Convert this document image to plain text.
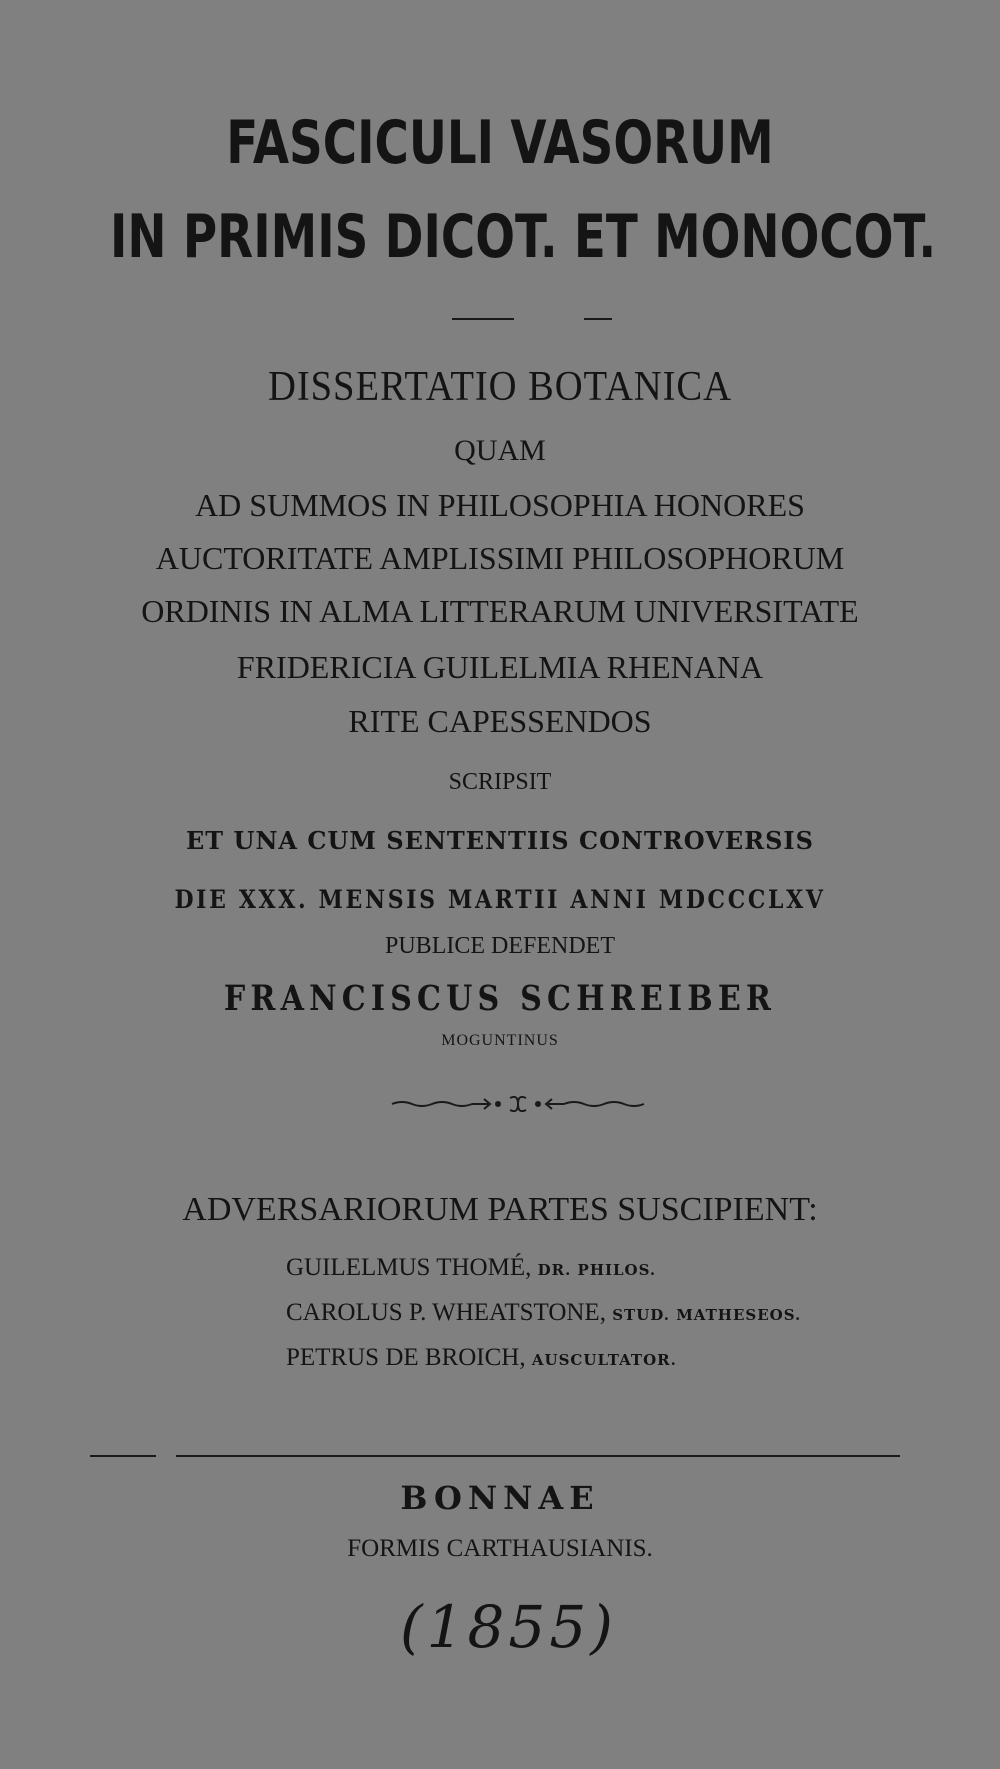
FASCICULI VASORUM
IN PRIMIS DICOT. ET MONOCOT.
DISSERTATIO BOTANICA
QUAM
AD SUMMOS IN PHILOSOPHIA HONORES
AUCTORITATE AMPLISSIMI PHILOSOPHORUM
ORDINIS IN ALMA LITTERARUM UNIVERSITATE
FRIDERICIA GUILELMIA RHENANA
RITE CAPESSENDOS
SCRIPSIT
ET UNA CUM SENTENTIIS CONTROVERSIS
DIE XXX. MENSIS MARTII ANNI MDCCCLXV
PUBLICE DEFENDET
FRANCISCUS SCHREIBER
MOGUNTINUS
ADVERSARIORUM PARTES SUSCIPIENT:
GUILELMUS THOMÉ, DR. PHILOS.
CAROLUS P. WHEATSTONE, STUD. MATHESEOS.
PETRUS DE BROICH, AUSCULTATOR.
BONNAE
FORMIS CARTHAUSIANIS.
(1855)
